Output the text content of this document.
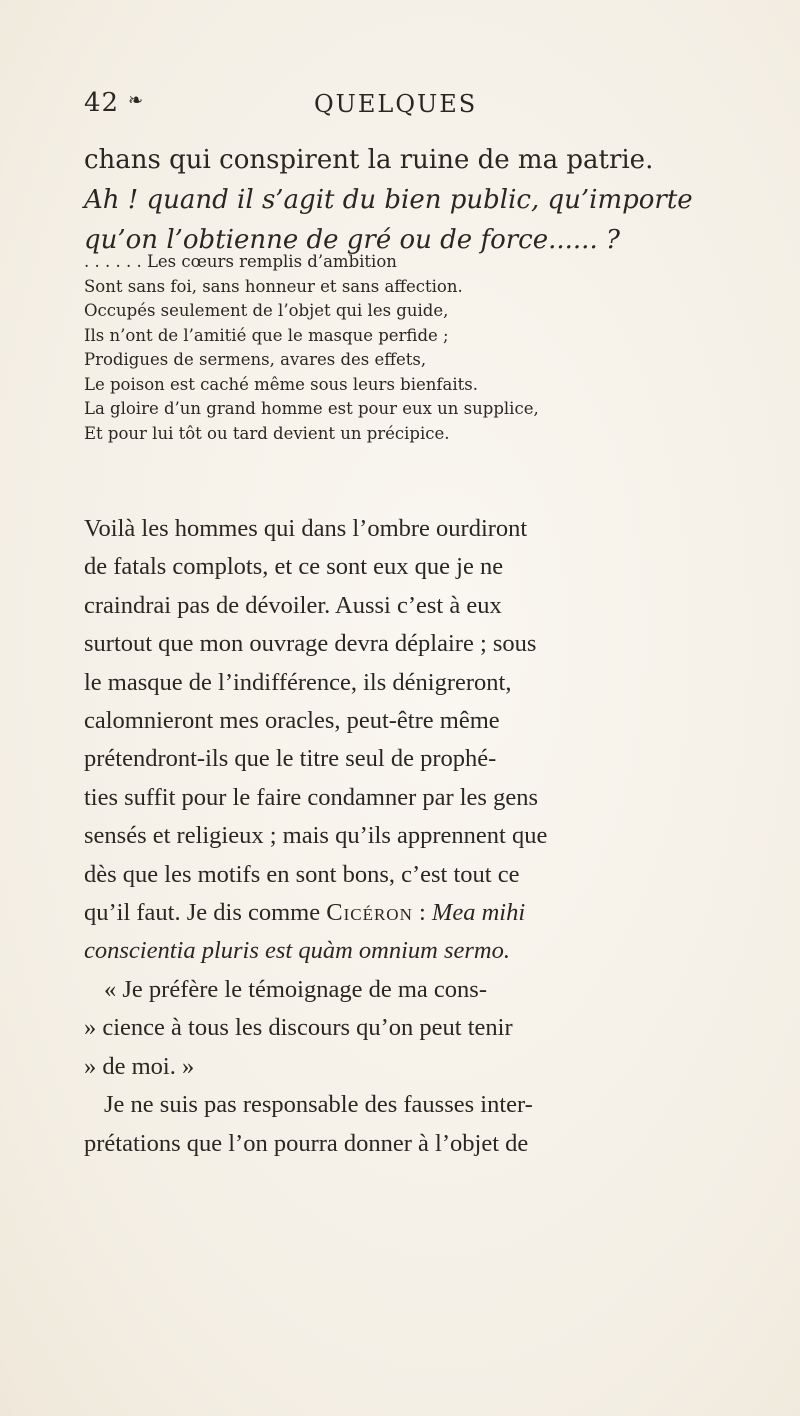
42 ❧	QUELQUES
chans qui conspirent la ruine de ma patrie.
Ah ! quand il s’agit du bien public, qu’importe
qu’on l’obtienne de gré ou de force...... ?
. . . . . . Les cœurs remplis d’ambition
Sont sans foi, sans honneur et sans affection.
Occupés seulement de l’objet qui les guide,
Ils n’ont de l’amitié que le masque perfide ;
Prodigues de sermens, avares des effets,
Le poison est caché même sous leurs bienfaits.
La gloire d’un grand homme est pour eux un supplice,
Et pour lui tôt ou tard devient un précipice.
Voilà les hommes qui dans l’ombre ourdiront
de fatals complots, et ce sont eux que je ne
craindrai pas de dévoiler. Aussi c’est à eux
surtout que mon ouvrage devra déplaire ; sous
le masque de l’indifférence, ils dénigreront,
calomnieront mes oracles, peut-être même
prétendront-ils que le titre seul de prophé-
ties suffit pour le faire condamner par les gens
sensés et religieux ; mais qu’ils apprennent que
dès que les motifs en sont bons, c’est tout ce
qu’il faut. Je dis comme Cicéron : Mea mihi
conscientia pluris est quàm omnium sermo.
« Je préfère le témoignage de ma cons-
» cience à tous les discours qu’on peut tenir
» de moi. »
Je ne suis pas responsable des fausses inter-
prétations que l’on pourra donner à l’objet de
